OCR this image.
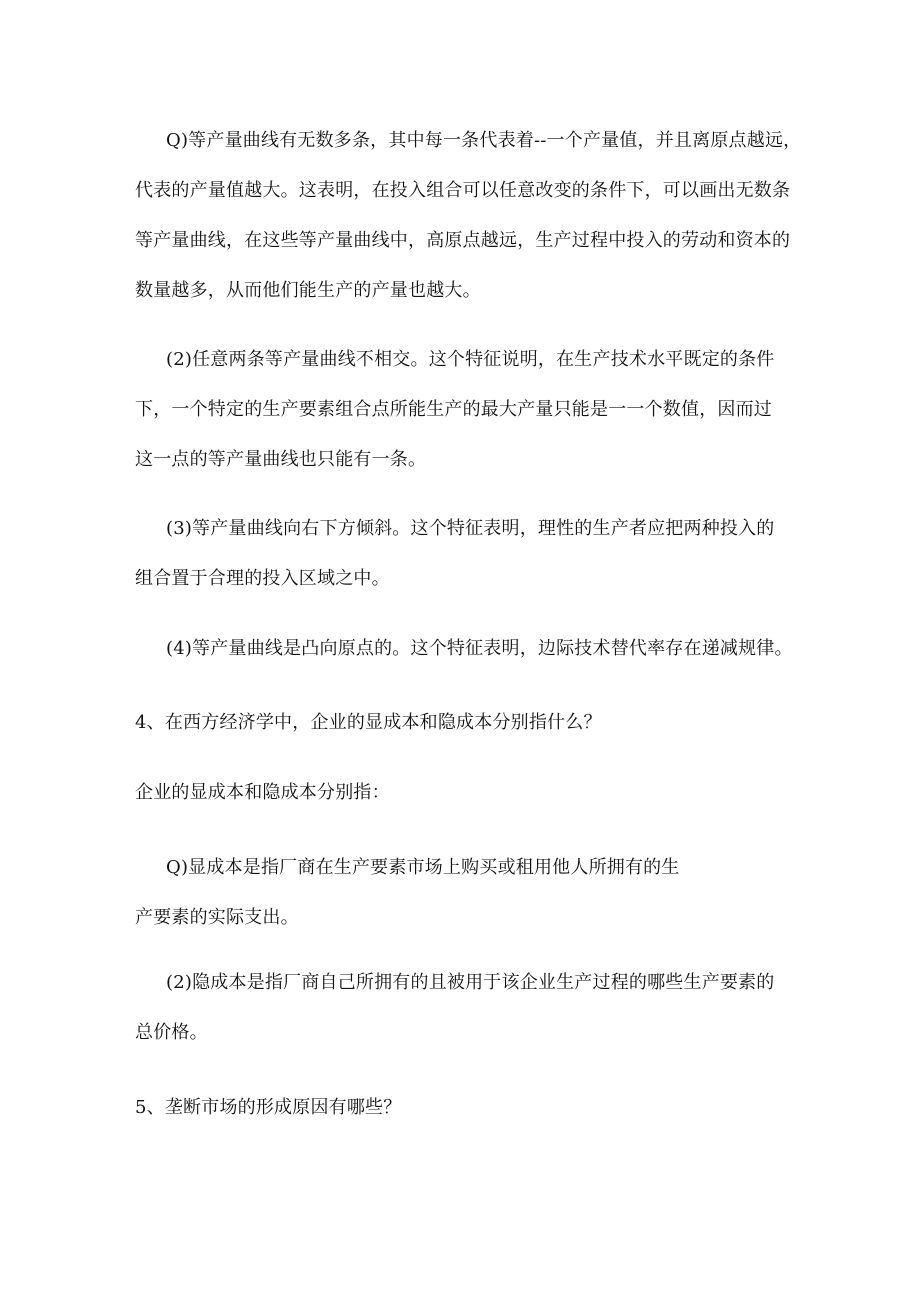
Q)等产量曲线有无数多条，其中每一条代表着--一个产量值，并且离原点越远，
代表的产量值越大。这表明，在投入组合可以任意改变的条件下，可以画出无数条
等产量曲线，在这些等产量曲线中，高原点越远，生产过程中投入的劳动和资本的
数量越多，从而他们能生产的产量也越大。
(2)任意两条等产量曲线不相交。这个特征说明，在生产技术水平既定的条件
下，一个特定的生产要素组合点所能生产的最大产量只能是一一个数值，因而过
这一点的等产量曲线也只能有一条。
(3)等产量曲线向右下方倾斜。这个特征表明，理性的生产者应把两种投入的
组合置于合理的投入区域之中。
(4)等产量曲线是凸向原点的。这个特征表明，边际技术替代率存在递减规律。
4、在西方经济学中，企业的显成本和隐成本分别指什么？
企业的显成本和隐成本分别指：
Q)显成本是指厂商在生产要素市场上购买或租用他人所拥有的生
产要素的实际支出。
(2)隐成本是指厂商自己所拥有的且被用于该企业生产过程的哪些生产要素的
总价格。
5、垄断市场的形成原因有哪些？
